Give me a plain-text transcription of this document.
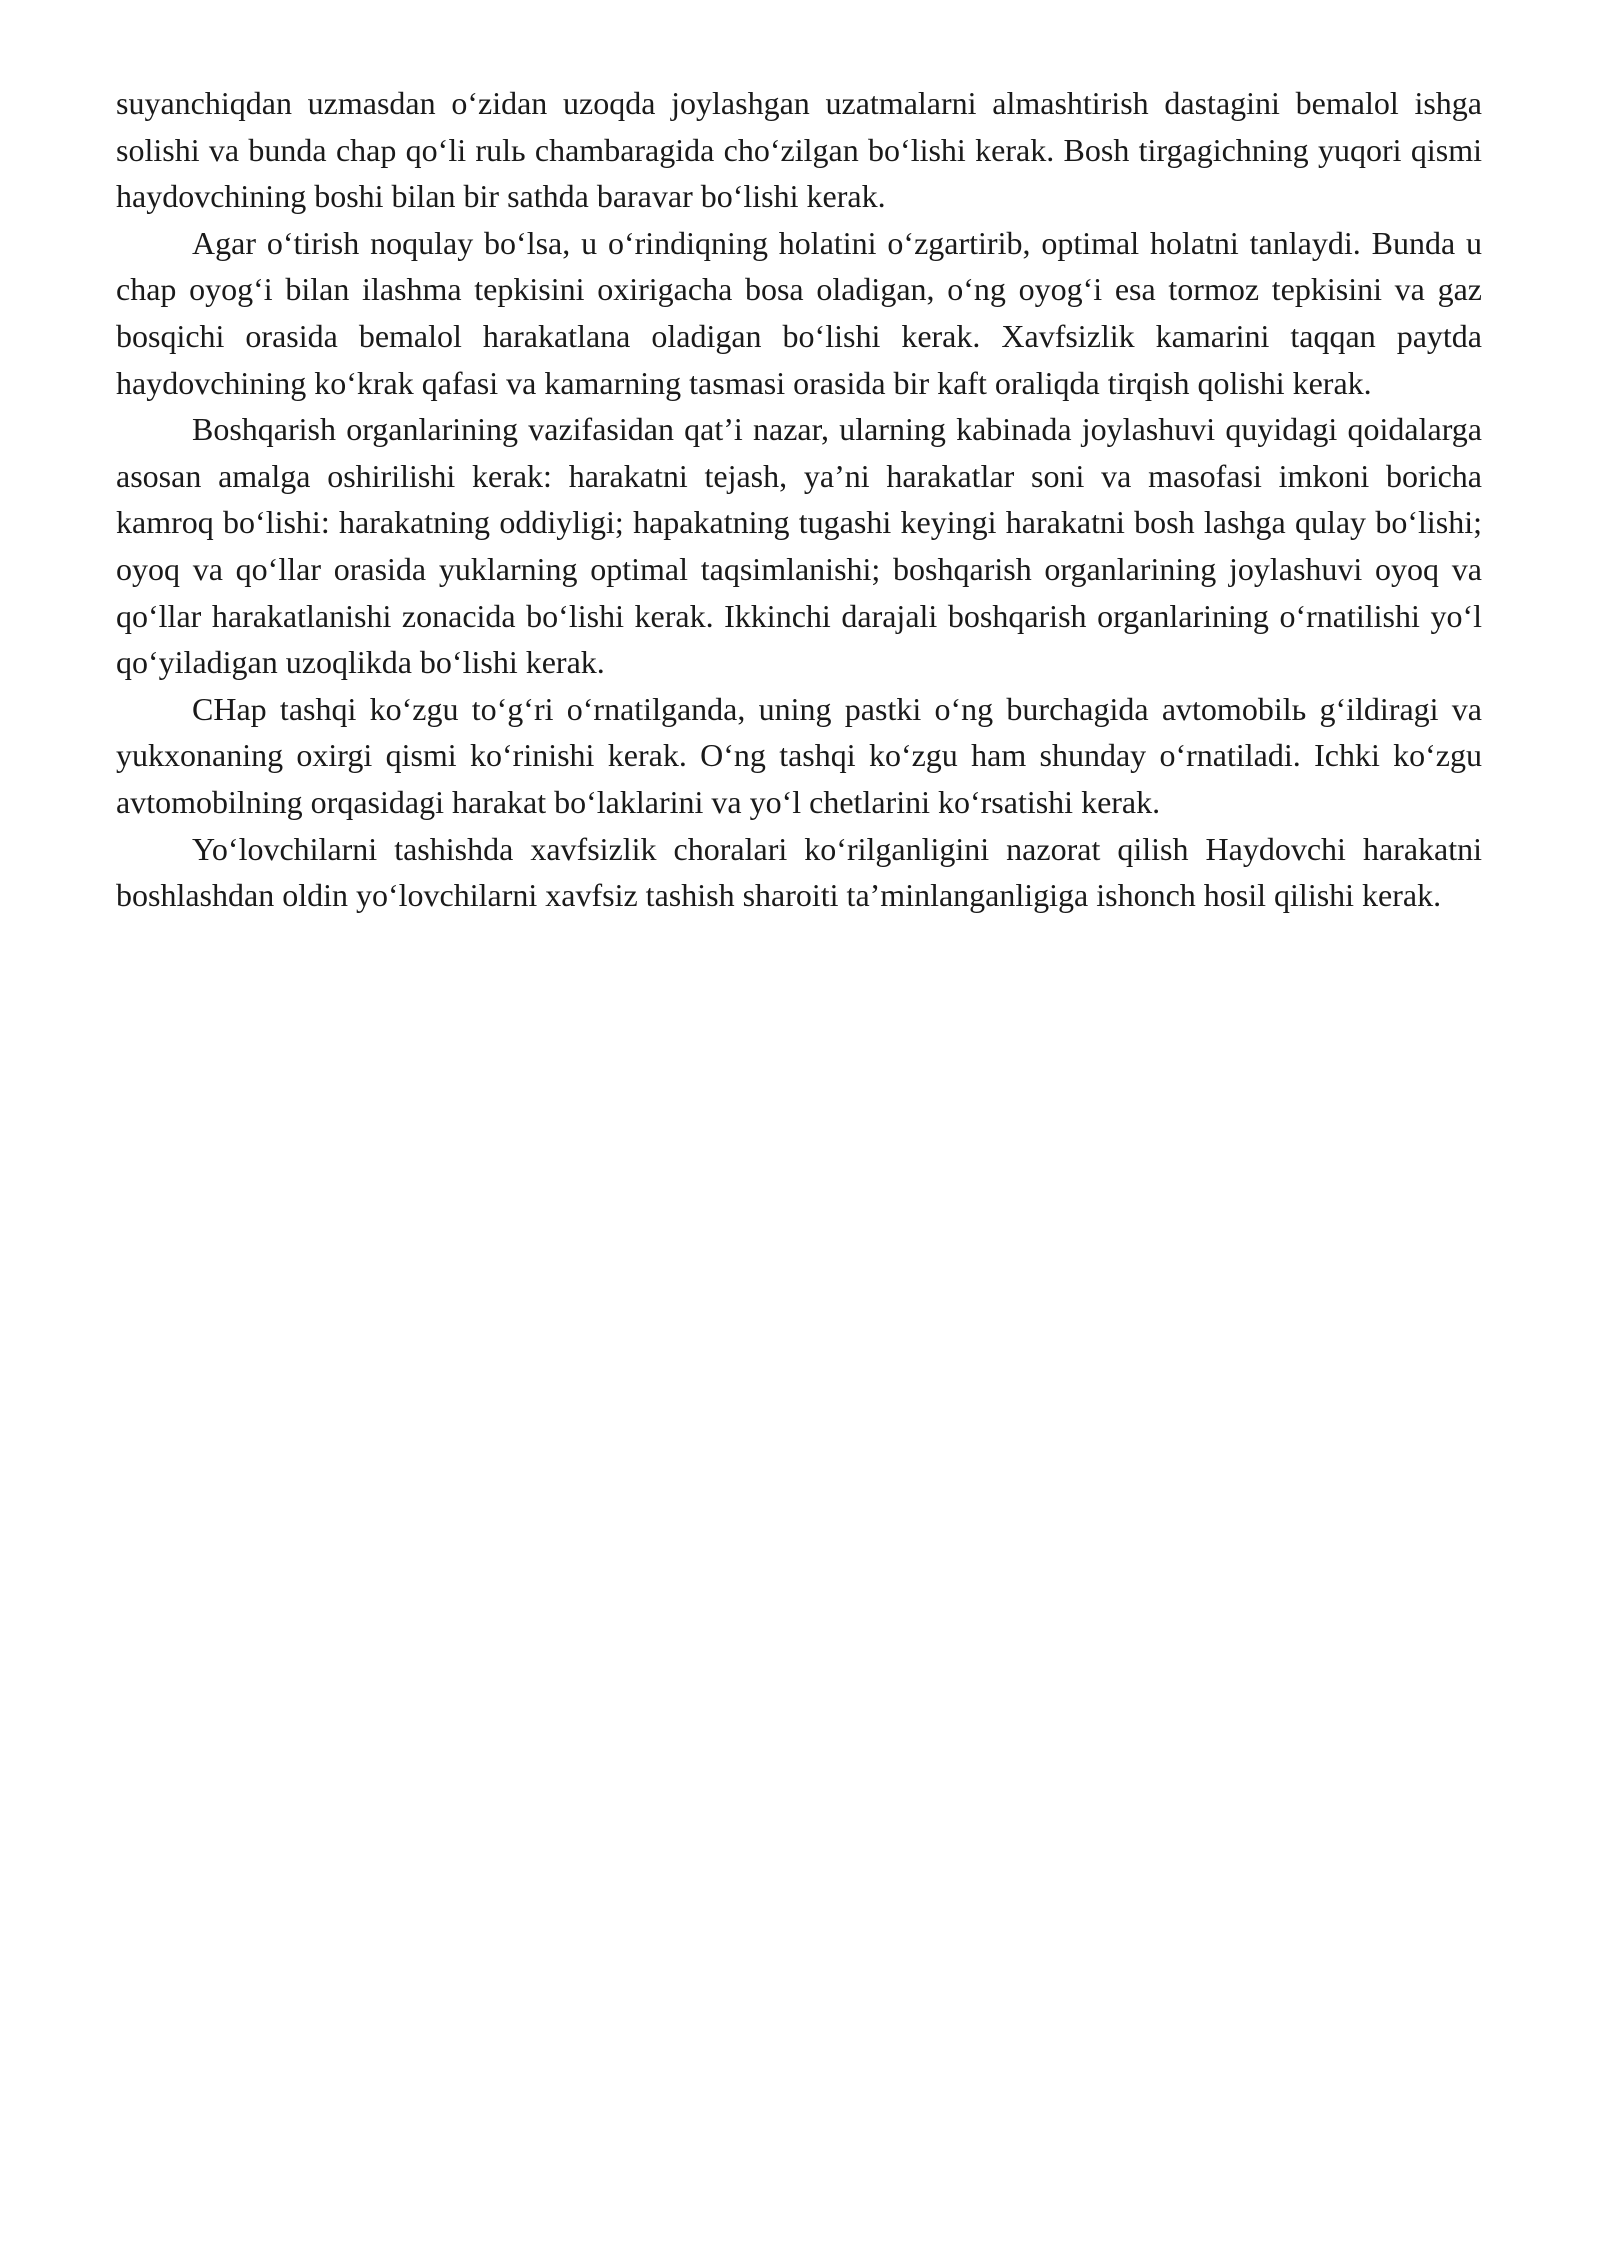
suyanchiqdan uzmasdan o‘zidan uzoqda joylashgan uzatmalarni almashtirish dastagini bemalol ishga solishi va bunda chap qo‘li rulь chambaragida cho‘zilgan bo‘lishi kerak. Bosh tirgagichning yuqori qismi haydovchining boshi bilan bir sathda baravar bo‘lishi kerak.

Agar o‘tirish noqulay bo‘lsa, u o‘rindiqning holatini o‘zgartirib, optimal holatni tanlaydi. Bunda u chap oyog‘i bilan ilashma tepkisini oxirigacha bosa oladigan, o‘ng oyog‘i esa tormoz tepkisini va gaz bosqichi orasida bemalol harakatlana oladigan bo‘lishi kerak. Xavfsizlik kamarini taqqan paytda haydovchining ko‘krak qafasi va kamarning tasmasi orasida bir kaft oraliqda tirqish qolishi kerak.

Boshqarish organlarining vazifasidan qat’i nazar, ularning kabinada joylashuvi quyidagi qoidalarga asosan amalga oshirilishi kerak: harakatni tejash, ya’ni harakatlar soni va masofasi imkoni boricha kamroq bo‘lishi: harakatning oddiyligi; hapakatning tugashi keyingi harakatni bosh lashga qulay bo‘lishi; oyoq va qo‘llar orasida yuklarning optimal taqsimlanishi; boshqarish organlarining joylashuvi oyoq va qo‘llar harakatlanishi zonacida bo‘lishi kerak. Ikkinchi darajali boshqarish organlarining o‘rnatilishi yo‘l qo‘yiladigan uzoqlikda bo‘lishi kerak.

CHap tashqi ko‘zgu to‘g‘ri o‘rnatilganda, uning pastki o‘ng burchagida avtomobilь g‘ildiragi va yukxonaning oxirgi qismi ko‘rinishi kerak. O‘ng tashqi ko‘zgu ham shunday o‘rnatiladi. Ichki ko‘zgu avtomobilning orqasidagi harakat bo‘laklarini va yo‘l chetlarini ko‘rsatishi kerak.

Yo‘lovchilarni tashishda xavfsizlik choralari ko‘rilganligini nazorat qilish Haydovchi harakatni boshlashdan oldin yo‘lovchilarni xavfsiz tashish sharoiti ta’minlanganligiga ishonch hosil qilishi kerak.
